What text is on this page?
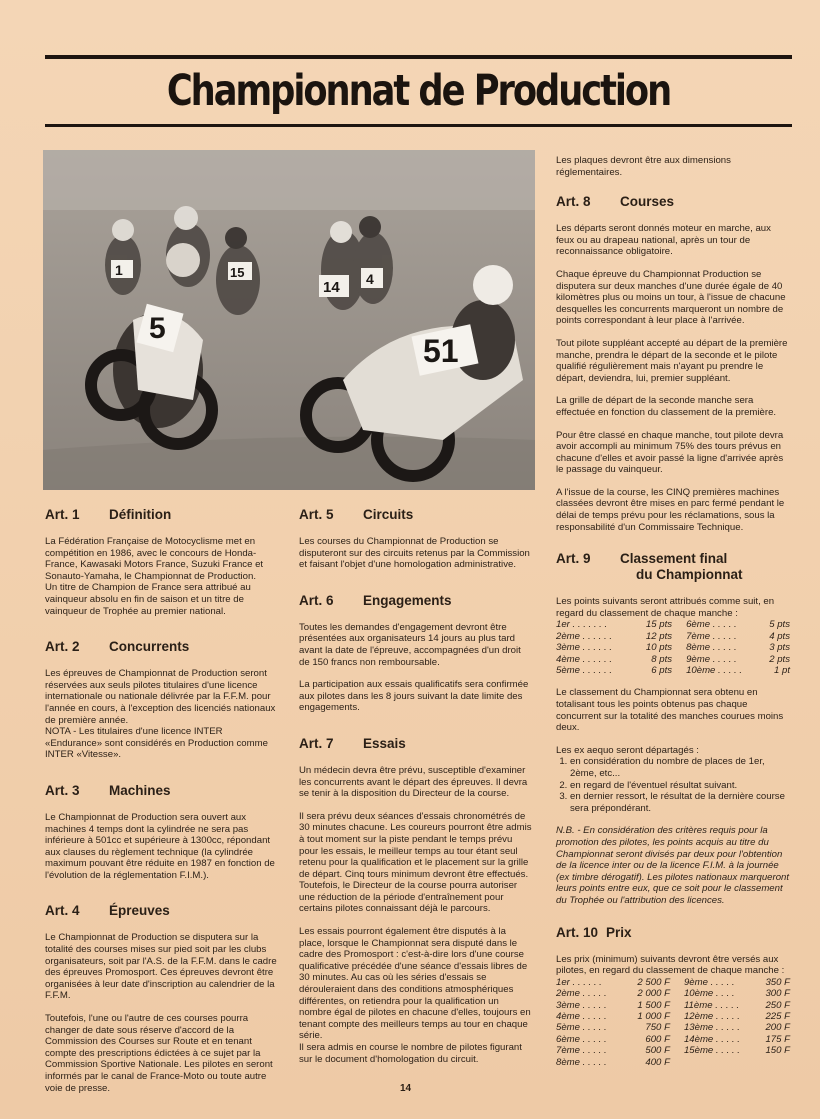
Championnat de Production
1	15
14 4
5
51
Art. 1 Définition
La Fédération Française de Motocyclisme met en compétition en 1986, avec le concours de Honda-France, Kawasaki Motors France, Suzuki France et Sonauto-Yamaha, le Championnat de Production.
Un titre de Champion de France sera attribué au vainqueur absolu en fin de saison et un titre de vainqueur de Trophée au premier national.
Art. 2 Concurrents
Les épreuves de Championnat de Production seront réservées aux seuls pilotes titulaires d'une licence internationale ou nationale délivrée par la F.F.M. pour l'année en cours, à l'exception des licenciés nationaux de première année.
NOTA - Les titulaires d'une licence INTER «Endurance» sont considérés en Production comme INTER «Vitesse».
Art. 3 Machines

Le Championnat de Production sera ouvert aux machines 4 temps dont la cylindrée ne sera pas inférieure à 501cc et supérieure à 1300cc, répondant aux clauses du règlement technique (la cylindrée maximum pouvant être réduite en 1987 en fonction de l'évolution de la réglementation F.I.M.).

Art. 4 Épreuves

Le Championnat de Production se disputera sur la totalité des courses mises sur pied soit par les clubs organisateurs, soit par l'A.S. de la F.F.M. dans le cadre des épreuves Promosport. Ces épreuves devront être organisées à leur date d'inscription au calendrier de la F.F.M.

Toutefois, l'une ou l'autre de ces courses pourra changer de date sous réserve d'accord de la Commission des Courses sur Route et en tenant compte des prescriptions édictées à ce sujet par la Commission Sportive Nationale. Les pilotes en seront informés par le canal de France-Moto ou toute autre voie de presse.

Art. 5 Circuits

Les courses du Championnat de Production se disputeront sur des circuits retenus par la Commission et faisant l'objet d'une homologation administrative.

Art. 6 Engagements

Toutes les demandes d'engagement devront être présentées aux organisateurs 14 jours au plus tard avant la date de l'épreuve, accompagnées d'un droit de 150 francs non remboursable.

La participation aux essais qualificatifs sera confirmée aux pilotes dans les 8 jours suivant la date limite des engagements.

Art. 7 Essais

Un médecin devra être prévu, susceptible d'examiner les concurrents avant le départ des épreuves. Il devra se tenir à la disposition du Directeur de la course.

Il sera prévu deux séances d'essais chronométrés de 30 minutes chacune. Les coureurs pourront être admis à tout moment sur la piste pendant le temps prévu pour les essais, le meilleur temps au tour étant seul retenu pour la qualification et le placement sur la grille de départ. Cinq tours minimum devront être effectués. Toutefois, le Directeur de la course pourra autoriser une réduction de la période d'entraînement pour certains pilotes connaissant déjà le parcours.

Les essais pourront également être disputés à la place, lorsque le Championnat sera disputé dans le cadre des Promosport : c'est-à-dire lors d'une course qualificative précédée d'une séance d'essais libres de 30 minutes. Au cas où les séries d'essais se dérouleraient dans des conditions atmosphériques différentes, on retiendra pour la qualification un nombre égal de pilotes en chacune d'elles, toujours en tenant compte des meilleurs temps au tour en chaque série.
Il sera admis en course le nombre de pilotes figurant sur le document d'homologation du circuit.

Les plaques devront être aux dimensions réglementaires.

Art. 8 Courses

Les départs seront donnés moteur en marche, aux feux ou au drapeau national, après un tour de reconnaissance obligatoire.

Chaque épreuve du Championnat Production se disputera sur deux manches d'une durée égale de 40 kilomètres plus ou moins un tour, à l'issue de chacune desquelles les concurrents marqueront un nombre de points correspondant à leur place à l'arrivée.

Tout pilote suppléant accepté au départ de la première manche, prendra le départ de la seconde et le pilote qualifié régulièrement mais n'ayant pu prendre le départ, deviendra, lui, premier suppléant.

La grille de départ de la seconde manche sera effectuée en fonction du classement de la première.

Pour être classé en chaque manche, tout pilote devra avoir accompli au minimum 75% des tours prévus en chacune d'elles et avoir passé la ligne d'arrivée après le passage du vainqueur.

A l'issue de la course, les CINQ premières machines classées devront être mises en parc fermé pendant le délai de temps prévu pour les réclamations, sous la responsabilité d'un Commissaire Technique.

Art. 9 Classement final
du Championnat

Les points suivants seront attribués comme suit, en regard du classement de chaque manche :

1er . . . . . . .	15 pts	6ème . . . . .	5 pts
2ème . . . . . .	12 pts	7ème . . . . .	4 pts
3ème . . . . . .	10 pts	8ème . . . . .	3 pts
4ème . . . . . .	8 pts	9ème . . . . .	2 pts
5ème . . . . . .	6 pts	10ème . . . . .	1 pt

Le classement du Championnat sera obtenu en totalisant tous les points obtenus pas chaque concurrent sur la totalité des manches courues moins deux.

Les ex aequo seront départagés :

1. en considération du nombre de places de 1er, 2ème, etc...
2. en regard de l'éventuel résultat suivant.
3. en dernier ressort, le résultat de la dernière course sera prépondérant.

N.B. - En considération des critères requis pour la promotion des pilotes, les points acquis au titre du Championnat seront divisés par deux pour l'obtention de la licence inter ou de la licence F.I.M. à la journée (ex timbre dérogatif). Les pilotes nationaux marqueront leurs points entre eux, que ce soit pour le classement du Trophée ou l'attribution des licences.

Art. 10 Prix

Les prix (minimum) suivants devront être versés aux pilotes, en regard du classement de chaque manche :

1er . . . . . .	2 500 F	9ème . . . . .	350 F
2ème . . . . .	2 000 F	10ème . . . .	300 F
3ème . . . . .	1 500 F	11ème . . . . .	250 F
4ème . . . . .	1 000 F	12ème . . . . .	225 F
5ème . . . . .	750 F	13ème . . . . .	200 F
6ème . . . . .	600 F	14ème . . . . .	175 F
7ème . . . . .	500 F	15ème . . . . .	150 F
8ème . . . . .	400 F		
14
